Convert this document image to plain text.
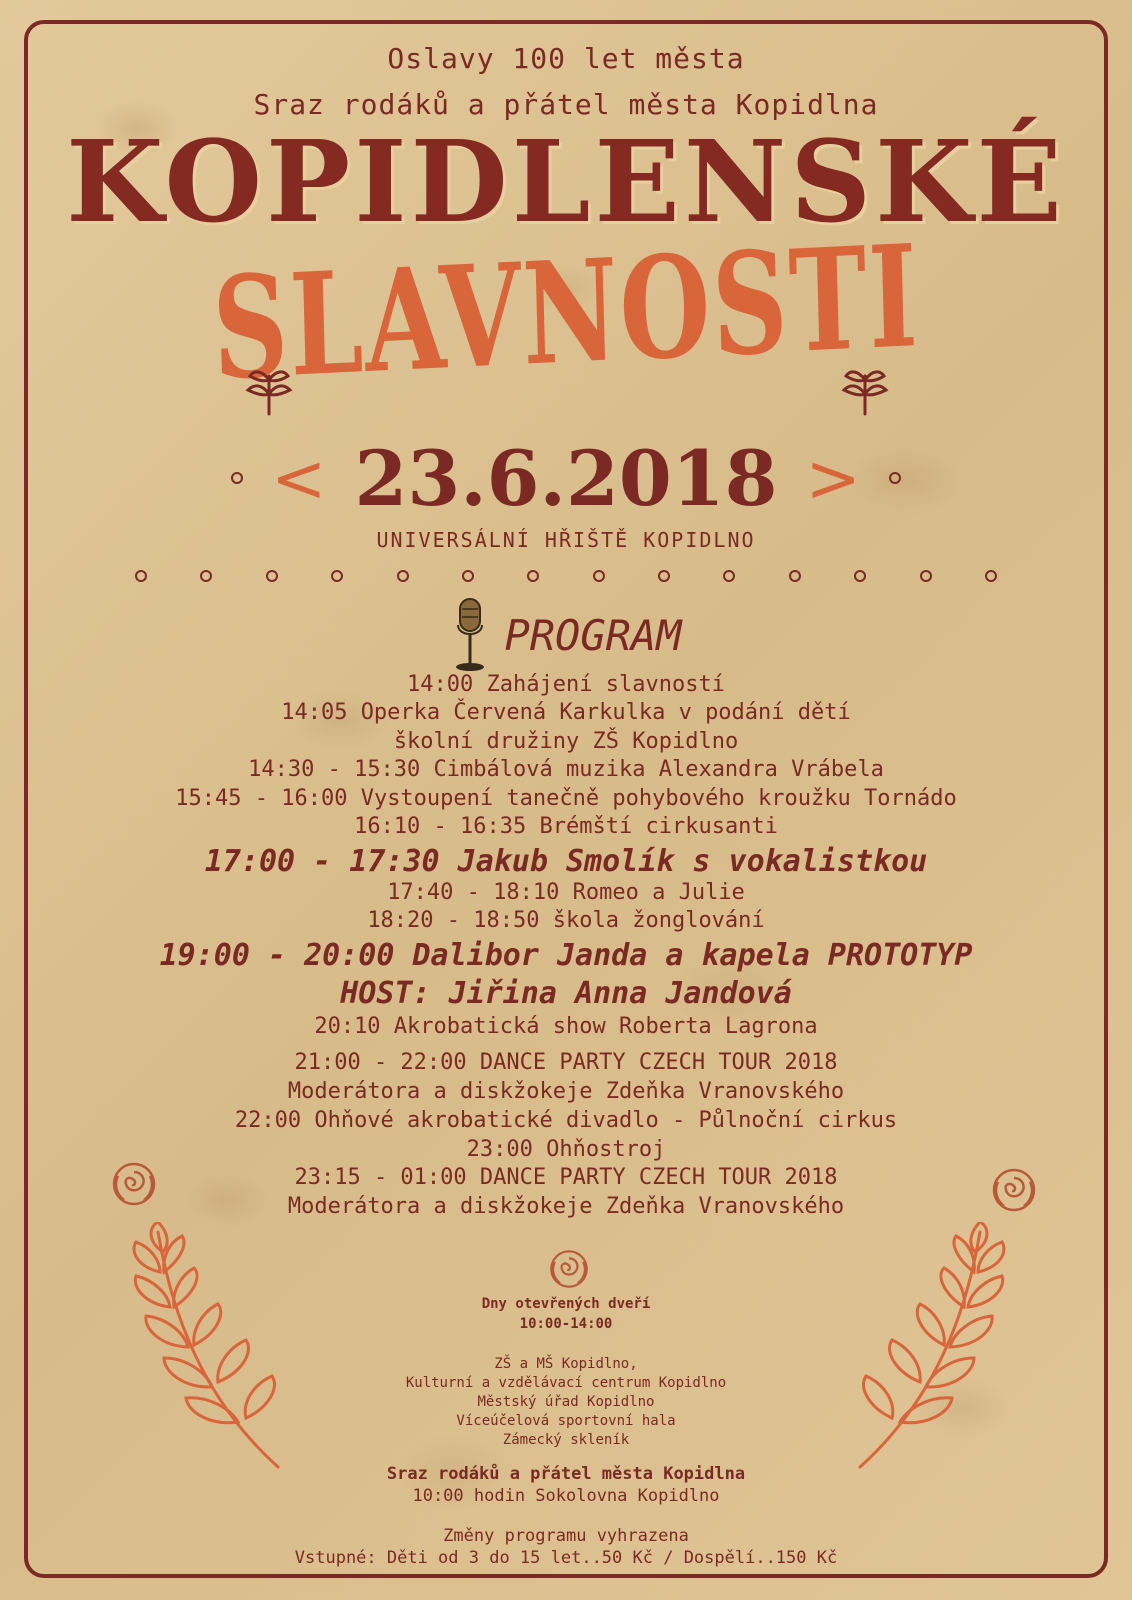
Oslavy 100 let města
Sraz rodáků a přátel města Kopidlna
KOPIDLENSKÉ
SLAVNOSTI
< 23.6.2018 >
UNIVERSÁLNÍ HŘIŠTĚ KOPIDLNO
PROGRAM
14:00 Zahájení slavností
14:05 Operka Červená Karkulka v podání dětí
školní družiny ZŠ Kopidlno
14:30 - 15:30 Cimbálová muzika Alexandra Vrábela
15:45 - 16:00 Vystoupení tanečně pohybového kroužku Tornádo
16:10 - 16:35 Brémští cirkusanti
17:00 - 17:30 Jakub Smolík s vokalistkou
17:40 - 18:10 Romeo a Julie
18:20 - 18:50 škola žonglování
19:00 - 20:00 Dalibor Janda a kapela PROTOTYP
HOST: Jiřina Anna Jandová
20:10 Akrobatická show Roberta Lagrona
21:00 - 22:00 DANCE PARTY CZECH TOUR 2018
Moderátora a diskžokeje Zdeňka Vranovského
22:00 Ohňové akrobatické divadlo - Půlnoční cirkus
23:00 Ohňostroj
23:15 - 01:00 DANCE PARTY CZECH TOUR 2018
Moderátora a diskžokeje Zdeňka Vranovského
Dny otevřených dveří
10:00-14:00
ZŠ a MŠ Kopidlno,
Kulturní a vzdělávací centrum Kopidlno
Městský úřad Kopidlno
Víceúčelová sportovní hala
Zámecký skleník
Sraz rodáků a přátel města Kopidlna
10:00 hodin Sokolovna Kopidlno
Změny programu vyhrazena
Vstupné: Děti od 3 do 15 let..50 Kč / Dospělí..150 Kč
